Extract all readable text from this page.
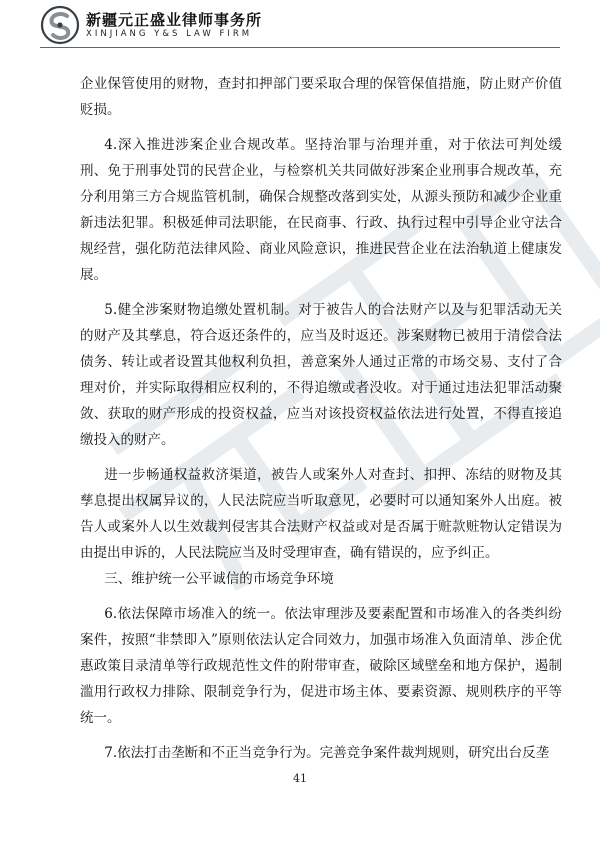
新疆元正盛业律师事务所
XINJIANG Y&S LAW FIRM

企业保管使用的财物，查封扣押部门要采取合理的保管保值措施，防止财产价值贬损。

4.深入推进涉案企业合规改革。坚持治罪与治理并重，对于依法可判处缓刑、免于刑事处罚的民营企业，与检察机关共同做好涉案企业刑事合规改革，充分利用第三方合规监管机制，确保合规整改落到实处，从源头预防和减少企业重新违法犯罪。积极延伸司法职能，在民商事、行政、执行过程中引导企业守法合规经营，强化防范法律风险、商业风险意识，推进民营企业在法治轨道上健康发展。

5.健全涉案财物追缴处置机制。对于被告人的合法财产以及与犯罪活动无关的财产及其孳息，符合返还条件的，应当及时返还。涉案财物已被用于清偿合法债务、转让或者设置其他权利负担，善意案外人通过正常的市场交易、支付了合理对价，并实际取得相应权利的，不得追缴或者没收。对于通过违法犯罪活动聚敛、获取的财产形成的投资权益，应当对该投资权益依法进行处置，不得直接追缴投入的财产。

进一步畅通权益救济渠道，被告人或案外人对查封、扣押、冻结的财物及其孳息提出权属异议的，人民法院应当听取意见，必要时可以通知案外人出庭。被告人或案外人以生效裁判侵害其合法财产权益或对是否属于赃款赃物认定错误为由提出申诉的，人民法院应当及时受理审查，确有错误的，应予纠正。

三、维护统一公平诚信的市场竞争环境

6.依法保障市场准入的统一。依法审理涉及要素配置和市场准入的各类纠纷案件，按照“非禁即入”原则依法认定合同效力，加强市场准入负面清单、涉企优惠政策目录清单等行政规范性文件的附带审查，破除区域壁垒和地方保护，遏制滥用行政权力排除、限制竞争行为，促进市场主体、要素资源、规则秩序的平等统一。

7.依法打击垄断和不正当竞争行为。完善竞争案件裁判规则，研究出台反垄

41
